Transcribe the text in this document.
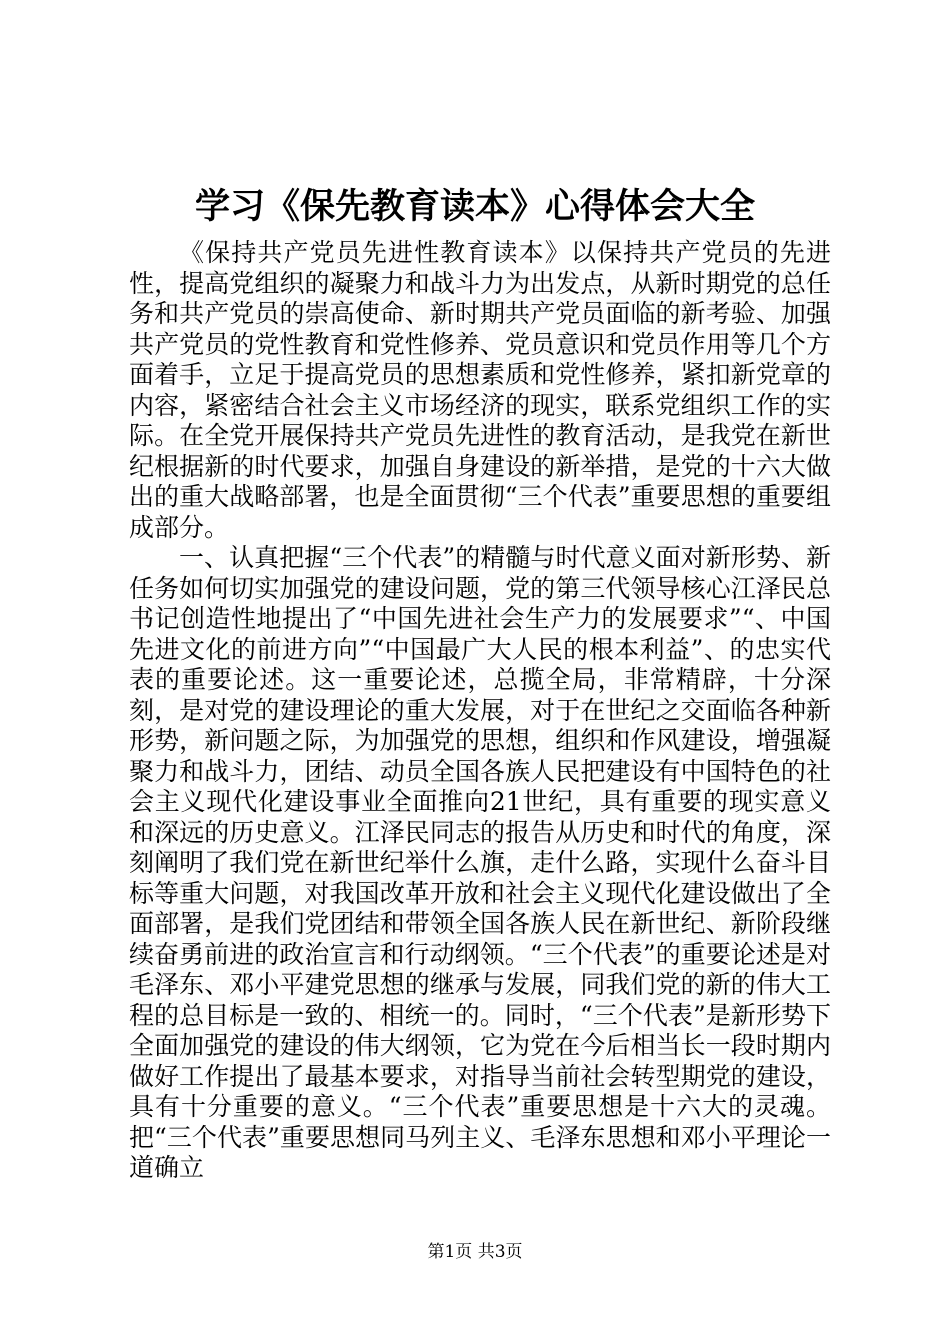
学习《保先教育读本》心得体会大全

《保持共产党员先进性教育读本》以保持共产党员的先进性，提高党组织的凝聚力和战斗力为出发点，从新时期党的总任务和共产党员的崇高使命、新时期共产党员面临的新考验、加强共产党员的党性教育和党性修养、党员意识和党员作用等几个方面着手，立足于提高党员的思想素质和党性修养，紧扣新党章的内容，紧密结合社会主义市场经济的现实，联系党组织工作的实际。在全党开展保持共产党员先进性的教育活动，是我党在新世纪根据新的时代要求，加强自身建设的新举措，是党的十六大做出的重大战略部署，也是全面贯彻“三个代表”重要思想的重要组成部分。

一、认真把握“三个代表”的精髓与时代意义面对新形势、新任务如何切实加强党的建设问题，党的第三代领导核心江泽民总书记创造性地提出了“中国先进社会生产力的发展要求”“、中国先进文化的前进方向”“中国最广大人民的根本利益”、的忠实代表的重要论述。这一重要论述，总揽全局，非常精辟，十分深刻，是对党的建设理论的重大发展，对于在世纪之交面临各种新形势，新问题之际，为加强党的思想，组织和作风建设，增强凝聚力和战斗力，团结、动员全国各族人民把建设有中国特色的社会主义现代化建设事业全面推向21世纪，具有重要的现实意义和深远的历史意义。江泽民同志的报告从历史和时代的角度，深刻阐明了我们党在新世纪举什么旗，走什么路，实现什么奋斗目标等重大问题，对我国改革开放和社会主义现代化建设做出了全面部署，是我们党团结和带领全国各族人民在新世纪、新阶段继续奋勇前进的政治宣言和行动纲领。“三个代表”的重要论述是对毛泽东、邓小平建党思想的继承与发展，同我们党的新的伟大工程的总目标是一致的、相统一的。同时，“三个代表”是新形势下全面加强党的建设的伟大纲领，它为党在今后相当长一段时期内做好工作提出了最基本要求，对指导当前社会转型期党的建设，具有十分重要的意义。“三个代表”重要思想是十六大的灵魂。把“三个代表”重要思想同马列主义、毛泽东思想和邓小平理论一道确立

第1页 共3页
